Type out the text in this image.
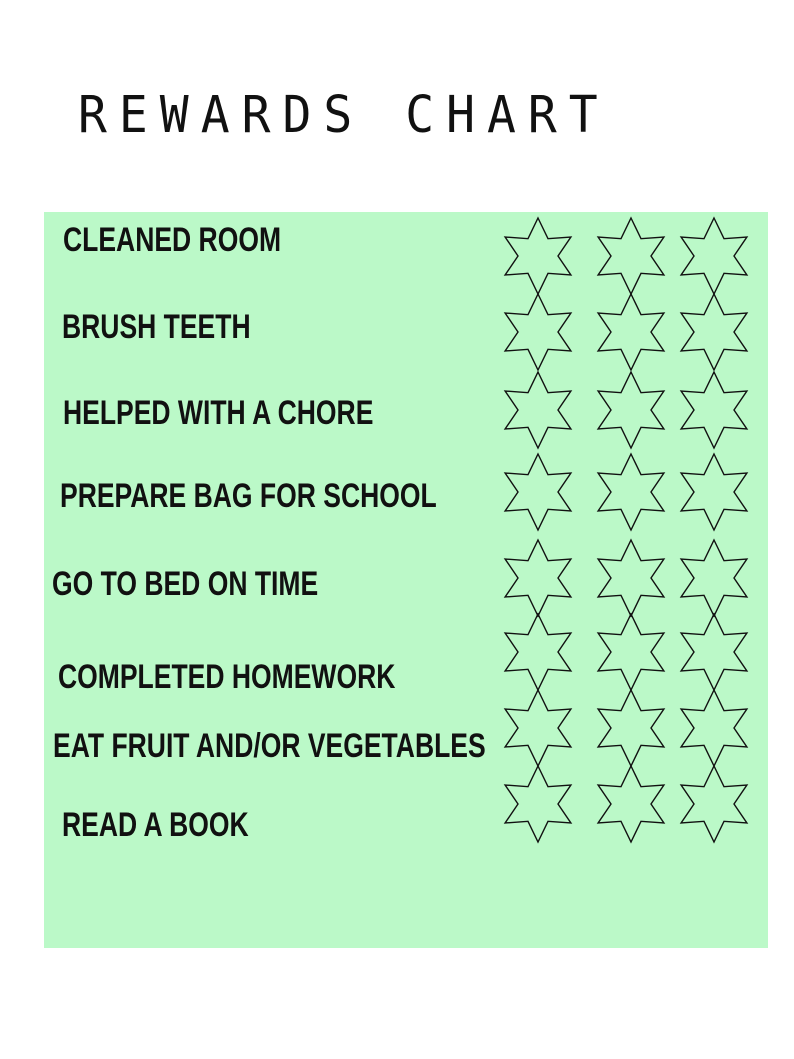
REWARDS CHART
CLEANED ROOM
BRUSH TEETH
HELPED WITH A CHORE
PREPARE BAG FOR SCHOOL
GO TO BED ON TIME
COMPLETED HOMEWORK
EAT FRUIT AND/OR VEGETABLES
READ A BOOK
